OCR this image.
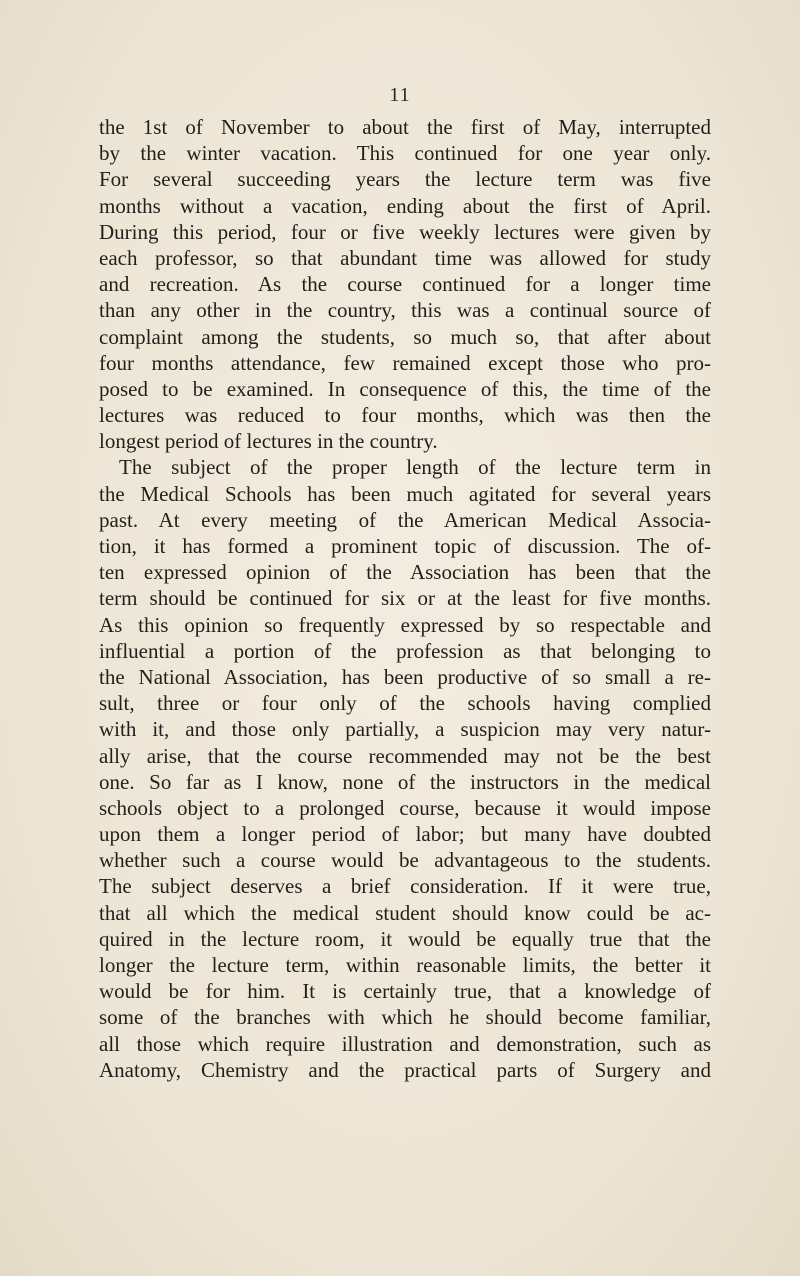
11
the 1st of November to about the first of May, interrupted
by the winter vacation. This continued for one year only.
For several succeeding years the lecture term was five
months without a vacation, ending about the first of April.
During this period, four or five weekly lectures were given by
each professor, so that abundant time was allowed for study
and recreation. As the course continued for a longer time
than any other in the country, this was a continual source of
complaint among the students, so much so, that after about
four months attendance, few remained except those who pro-
posed to be examined. In consequence of this, the time of the
lectures was reduced to four months, which was then the
longest period of lectures in the country.
The subject of the proper length of the lecture term in
the Medical Schools has been much agitated for several years
past. At every meeting of the American Medical Associa-
tion, it has formed a prominent topic of discussion. The of-
ten expressed opinion of the Association has been that the
term should be continued for six or at the least for five months.
As this opinion so frequently expressed by so respectable and
influential a portion of the profession as that belonging to
the National Association, has been productive of so small a re-
sult, three or four only of the schools having complied
with it, and those only partially, a suspicion may very natur-
ally arise, that the course recommended may not be the best
one. So far as I know, none of the instructors in the medical
schools object to a prolonged course, because it would impose
upon them a longer period of labor; but many have doubted
whether such a course would be advantageous to the students.
The subject deserves a brief consideration. If it were true,
that all which the medical student should know could be ac-
quired in the lecture room, it would be equally true that the
longer the lecture term, within reasonable limits, the better it
would be for him. It is certainly true, that a knowledge of
some of the branches with which he should become familiar,
all those which require illustration and demonstration, such as
Anatomy, Chemistry and the practical parts of Surgery and
